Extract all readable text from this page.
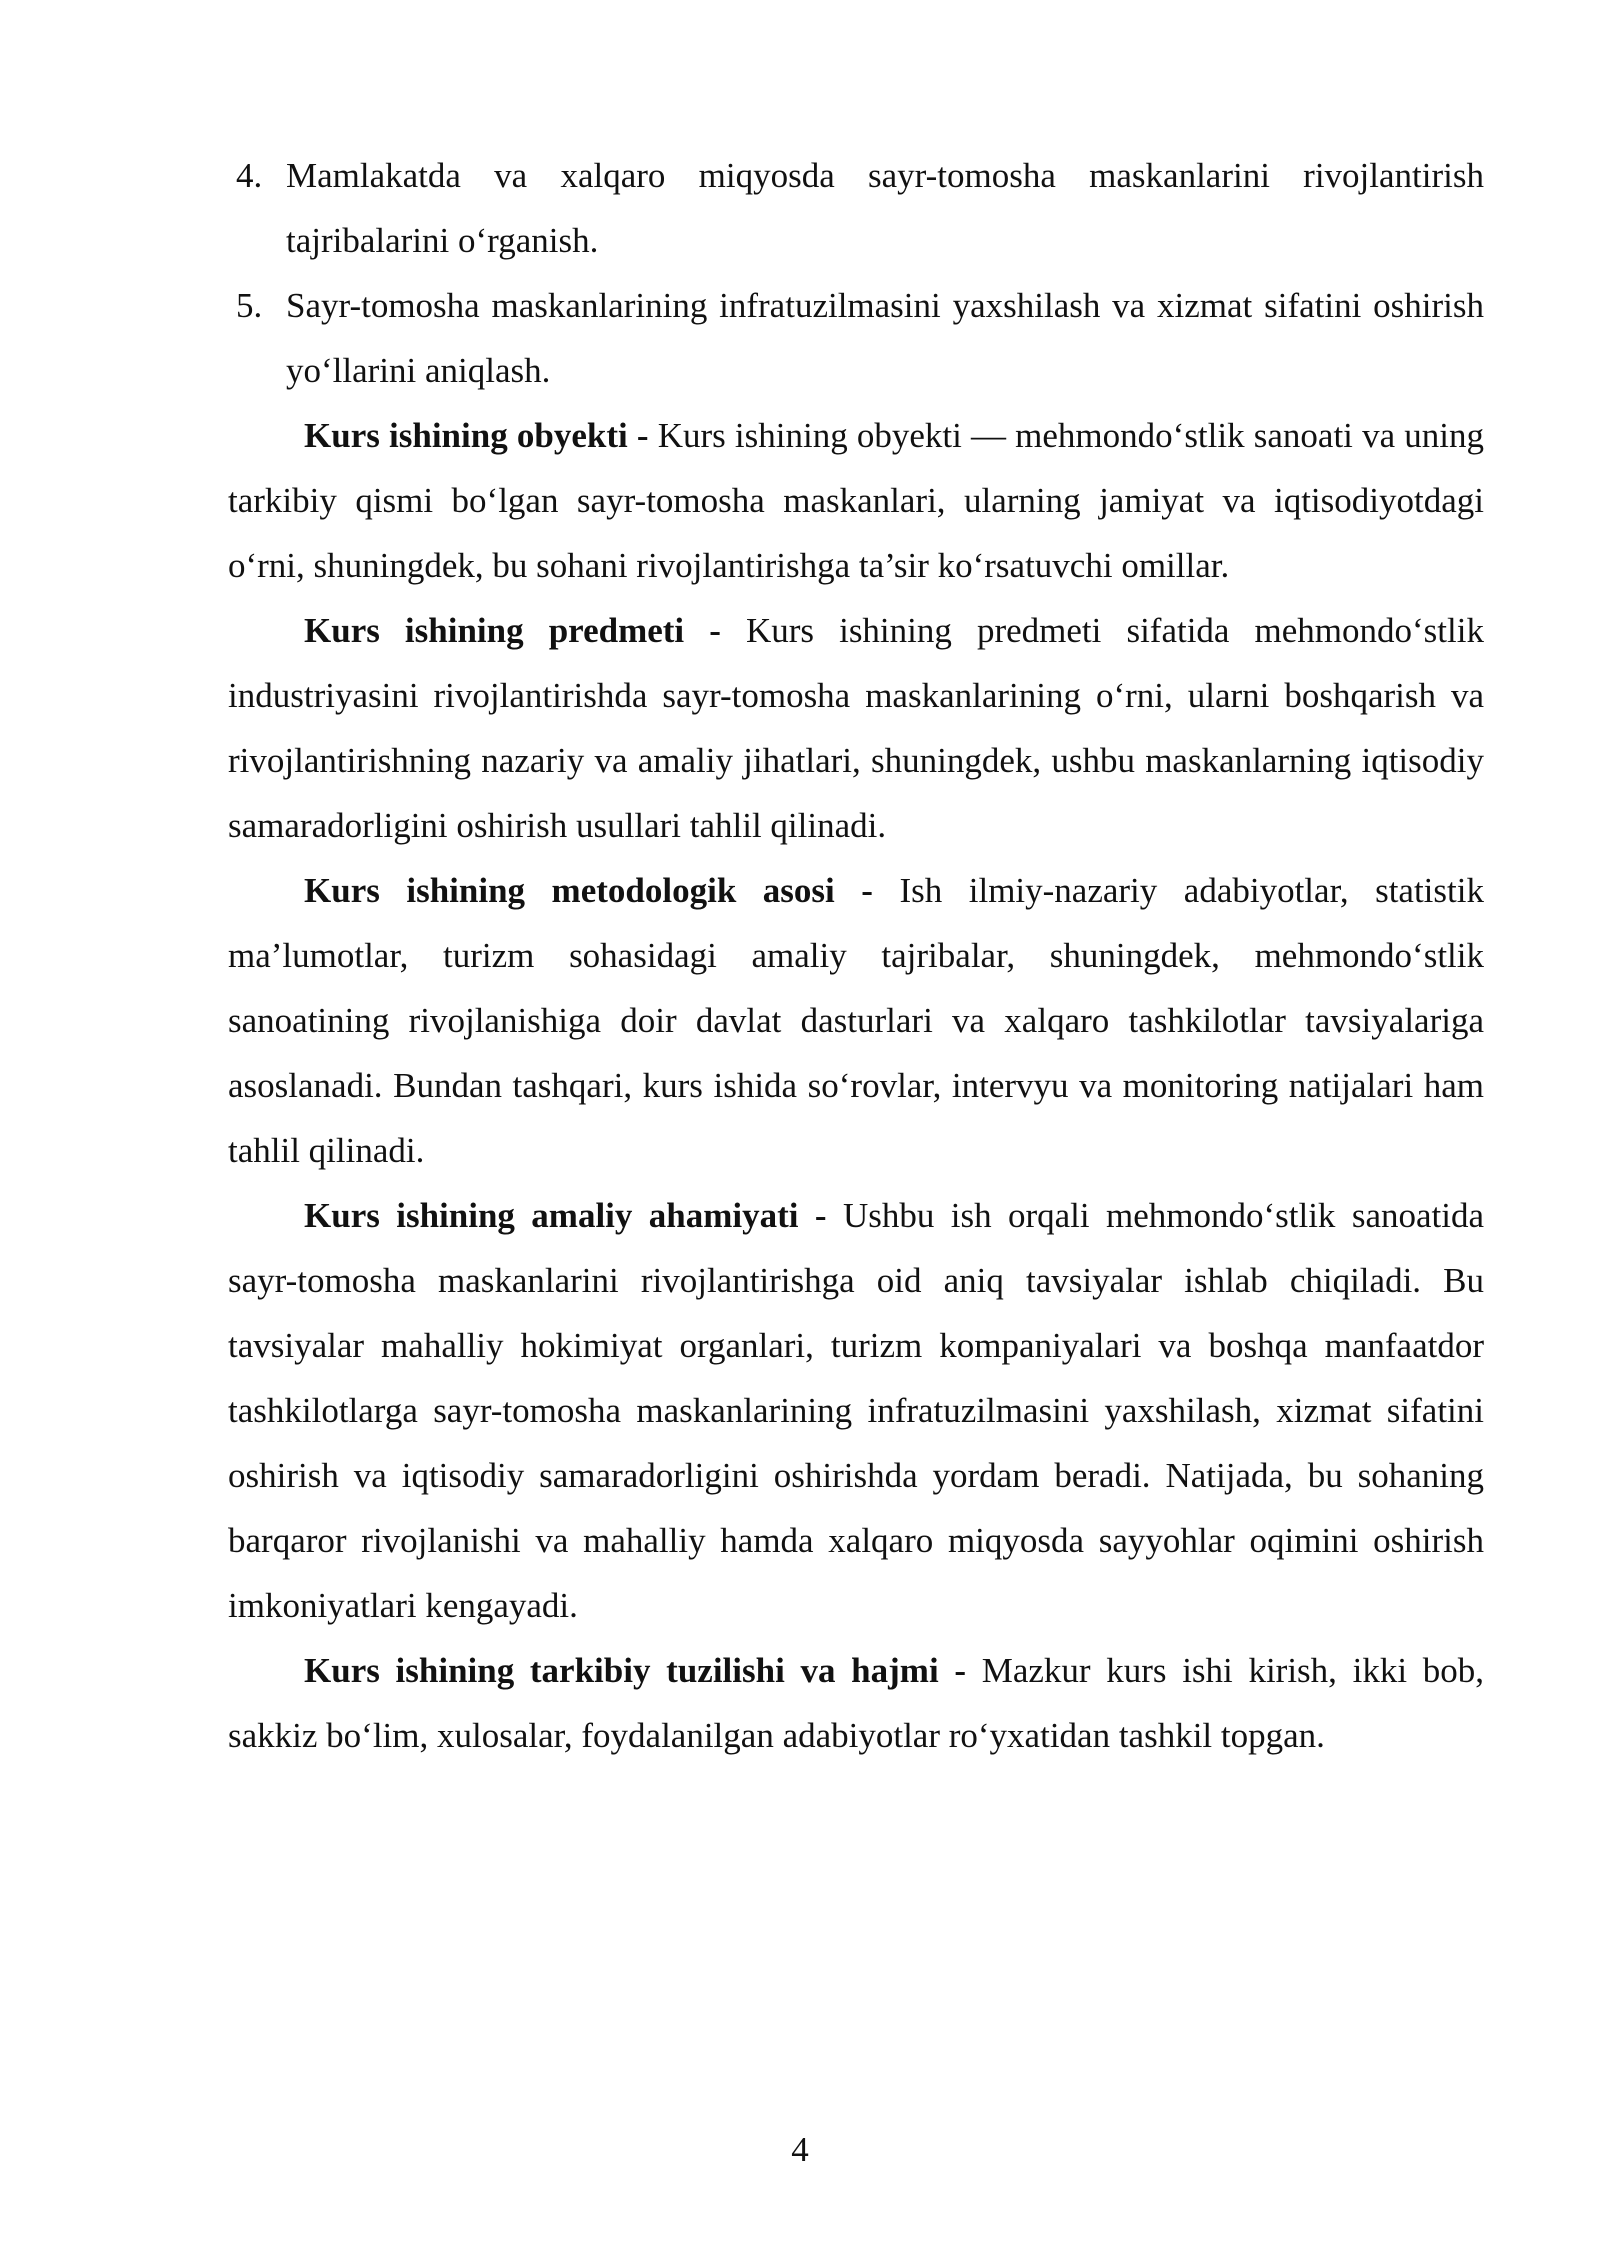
4. Mamlakatda va xalqaro miqyosda sayr-tomosha maskanlarini rivojlantirish tajribalarini o‘rganish.
5. Sayr-tomosha maskanlarining infratuzilmasini yaxshilash va xizmat sifatini oshirish yo‘llarini aniqlash.

Kurs ishining obyekti - Kurs ishining obyekti — mehmondo‘stlik sanoati va uning tarkibiy qismi bo‘lgan sayr-tomosha maskanlari, ularning jamiyat va iqtisodiyotdagi o‘rni, shuningdek, bu sohani rivojlantirishga ta’sir ko‘rsatuvchi omillar.

Kurs ishining predmeti - Kurs ishining predmeti sifatida mehmondo‘stlik industriyasini rivojlantirishda sayr-tomosha maskanlarining o‘rni, ularni boshqarish va rivojlantirishning nazariy va amaliy jihatlari, shuningdek, ushbu maskanlarning iqtisodiy samaradorligini oshirish usullari tahlil qilinadi.

Kurs ishining metodologik asosi - Ish ilmiy-nazariy adabiyotlar, statistik ma’lumotlar, turizm sohasidagi amaliy tajribalar, shuningdek, mehmondo‘stlik sanoatining rivojlanishiga doir davlat dasturlari va xalqaro tashkilotlar tavsiyalariga asoslanadi. Bundan tashqari, kurs ishida so‘rovlar, intervyu va monitoring natijalari ham tahlil qilinadi.

Kurs ishining amaliy ahamiyati - Ushbu ish orqali mehmondo‘stlik sanoatida sayr-tomosha maskanlarini rivojlantirishga oid aniq tavsiyalar ishlab chiqiladi. Bu tavsiyalar mahalliy hokimiyat organlari, turizm kompaniyalari va boshqa manfaatdor tashkilotlarga sayr-tomosha maskanlarining infratuzilmasini yaxshilash, xizmat sifatini oshirish va iqtisodiy samaradorligini oshirishda yordam beradi. Natijada, bu sohaning barqaror rivojlanishi va mahalliy hamda xalqaro miqyosda sayyohlar oqimini oshirish imkoniyatlari kengayadi.

Kurs ishining tarkibiy tuzilishi va hajmi - Mazkur kurs ishi kirish, ikki bob, sakkiz bo‘lim, xulosalar, foydalanilgan adabiyotlar ro‘yxatidan tashkil topgan.

4
